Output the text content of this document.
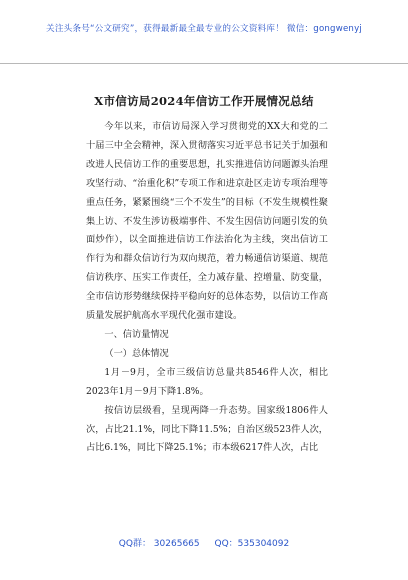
关注头条号“公文研究”，获得最新最全最专业的公文资料库！ 微信：gongwenyj
X市信访局2024年信访工作开展情况总结

今年以来，市信访局深入学习贯彻党的XX大和党的二十届三中全会精神，深入贯彻落实习近平总书记关于加强和改进人民信访工作的重要思想，扎实推进信访问题源头治理攻坚行动、“治重化积”专项工作和进京赴区走访专项治理等重点任务，紧紧围绕“三个不发生”的目标（不发生规模性聚集上访、不发生涉访极端事件、不发生因信访问题引发的负面炒作），以全面推进信访工作法治化为主线，突出信访工作行为和群众信访行为双向规范，着力畅通信访渠道、规范信访秩序、压实工作责任，全力减存量、控增量、防变量，全市信访形势继续保持平稳向好的总体态势，以信访工作高质量发展护航高水平现代化强市建设。

一、信访量情况

（一）总体情况

1月－9月，全市三级信访总量共8546件人次，相比2023年1月－9月下降1.8%。

按信访层级看，呈现两降一升态势。国家级1806件人次，占比21.1%，同比下降11.5%；自治区级523件人次，占比6.1%，同比下降25.1%；市本级6217件人次，占比

QQ群： 30265665 QQ：535304092
